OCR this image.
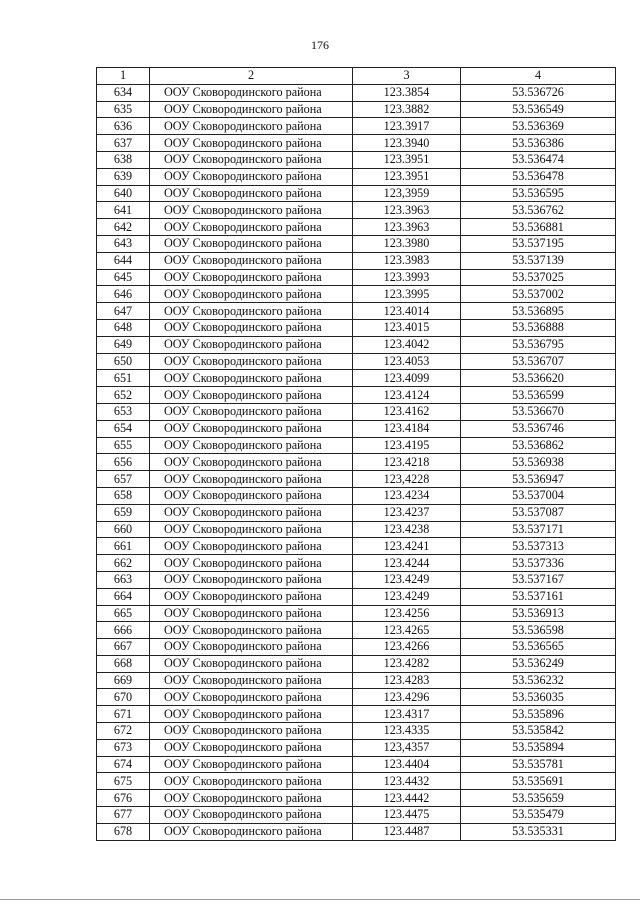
176
1	2	3	4
634	ООУ Сковородинского района	123.3854	53.536726
635	ООУ Сковородинского района	123.3882	53.536549
636	ООУ Сковородинского района	123.3917	53.536369
637	ООУ Сковородинского района	123.3940	53.536386
638	ООУ Сковородинского района	123.3951	53.536474
639	ООУ Сковородинского района	123.3951	53.536478
640	ООУ Сковородинского района	123,3959	53.536595
641	ООУ Сковородинского района	123.3963	53.536762
642	ООУ Сковородинского района	123.3963	53.536881
643	ООУ Сковородинского района	123.3980	53.537195
644	ООУ Сковородинского района	123.3983	53.537139
645	ООУ Сковородинского района	123.3993	53.537025
646	ООУ Сковородинского района	123.3995	53.537002
647	ООУ Сковородинского района	123.4014	53.536895
648	ООУ Сковородинского района	123.4015	53.536888
649	ООУ Сковородинского района	123.4042	53.536795
650	ООУ Сковородинского района	123.4053	53.536707
651	ООУ Сковородинского района	123.4099	53.536620
652	ООУ Сковородинского района	123.4124	53.536599
653	ООУ Сковородинского района	123.4162	53.536670
654	ООУ Сковородинского района	123.4184	53.536746
655	ООУ Сковородинского района	123.4195	53.536862
656	ООУ Сковородинского района	123.4218	53.536938
657	ООУ Сковородинского района	123,4228	53.536947
658	ООУ Сковородинского района	123.4234	53.537004
659	ООУ Сковородинского района	123.4237	53.537087
660	ООУ Сковородинского района	123.4238	53.537171
661	ООУ Сковородинского района	123.4241	53.537313
662	ООУ Сковородинского района	123.4244	53.537336
663	ООУ Сковородинского района	123.4249	53.537167
664	ООУ Сковородинского района	123.4249	53.537161
665	ООУ Сковородинского района	123.4256	53.536913
666	ООУ Сковородинского района	123.4265	53.536598
667	ООУ Сковородинского района	123.4266	53.536565
668	ООУ Сковородинского района	123.4282	53.536249
669	ООУ Сковородинского района	123.4283	53.536232
670	ООУ Сковородинского района	123.4296	53.536035
671	ООУ Сковородинского района	123.4317	53.535896
672	ООУ Сковородинского района	123.4335	53.535842
673	ООУ Сковородинского района	123,4357	53.535894
674	ООУ Сковородинского района	123.4404	53.535781
675	ООУ Сковородинского района	123.4432	53.535691
676	ООУ Сковородинского района	123.4442	53.535659
677	ООУ Сковородинского района	123.4475	53.535479
678	ООУ Сковородинского района	123.4487	53.535331
